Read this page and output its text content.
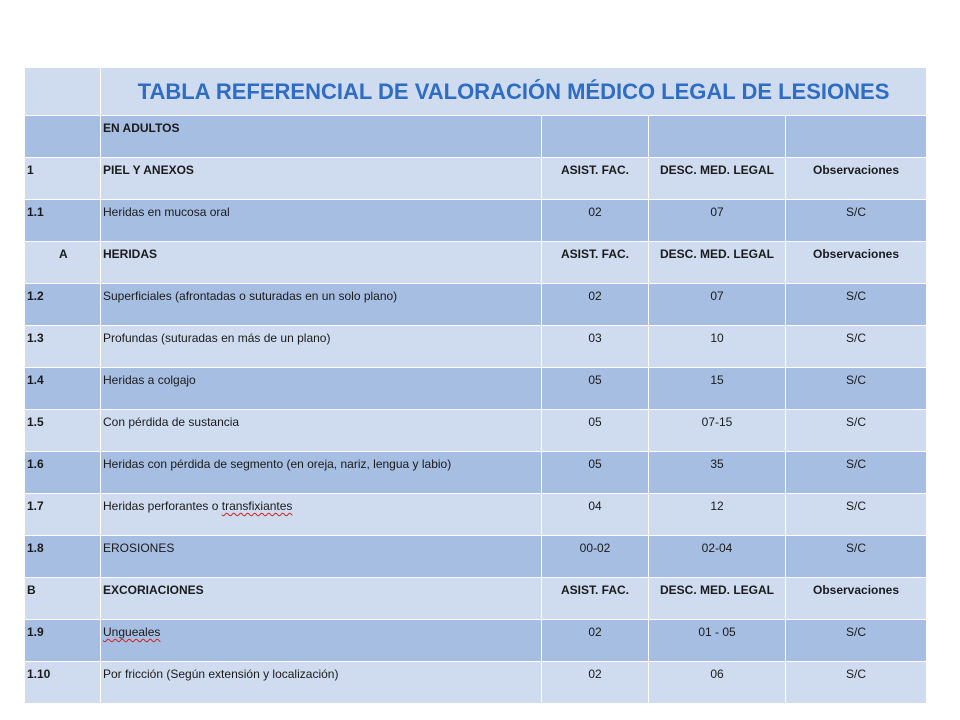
	TABLA REFERENCIAL DE VALORACIÓN MÉDICO LEGAL DE LESIONES			
	EN ADULTOS			
1	PIEL Y ANEXOS	ASIST. FAC.	DESC. MED. LEGAL	Observaciones
1.1	Heridas en mucosa oral	02	07	S/C
A	HERIDAS	ASIST. FAC.	DESC. MED. LEGAL	Observaciones
1.2	Superficiales (afrontadas o suturadas en un solo plano)	02	07	S/C
1.3	Profundas (suturadas en más de un plano)	03	10	S/C
1.4	Heridas a colgajo	05	15	S/C
1.5	Con pérdida de sustancia	05	07-15	S/C
1.6	Heridas con pérdida de segmento (en oreja, nariz, lengua y labio)	05	35	S/C
1.7	Heridas perforantes o transfixiantes	04	12	S/C
1.8	EROSIONES	00-02	02-04	S/C
B	EXCORIACIONES	ASIST. FAC.	DESC. MED. LEGAL	Observaciones
1.9	Ungueales	02	01 - 05	S/C
1.10	Por fricción (Según extensión y localización)	02	06	S/C
